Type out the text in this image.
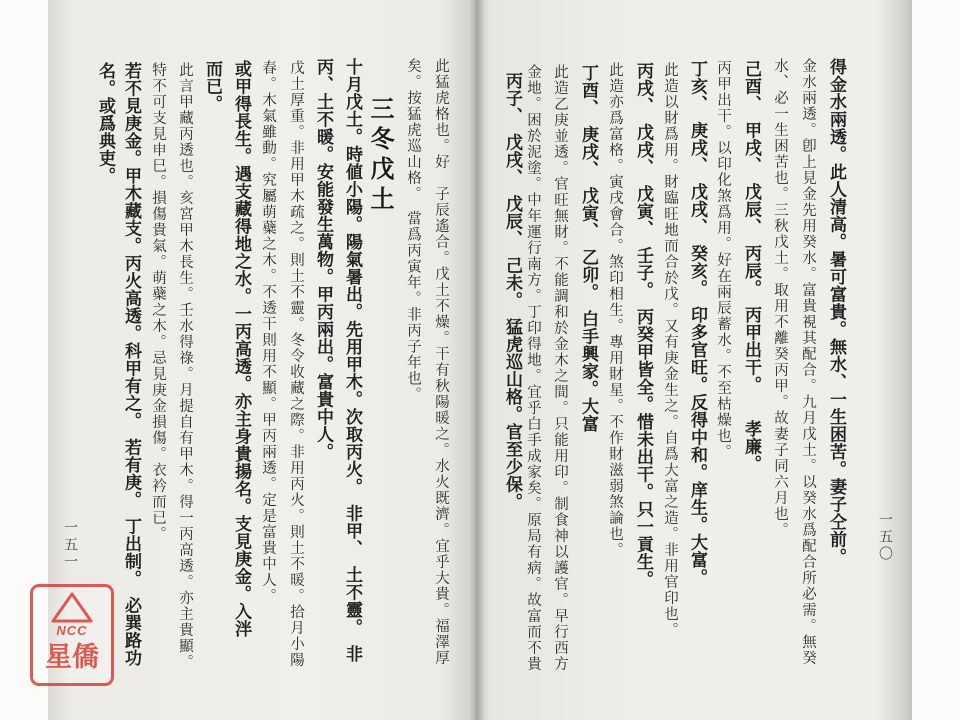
得金水兩透。此人清高。暑可富貴。無水、一生困苦。妻子仝前。
金水兩透。卽上見金先用癸水。富貴視其配合。九月戊土。以癸水爲配合所必需。無癸
水、必一生困苦也。三秋戊土。取用不離癸丙甲。故妻子同六月也。
己酉、　甲戌、　戊辰、　丙辰。　丙甲出干。　　孝廉。
丙甲出干。以印化煞爲用。好在兩辰蓄水。不至枯燥也。
丁亥、　庚戌、　戊戌、　癸亥。　印多官旺。反得中和。庠生。大富。
此造以財爲用。財臨旺地而合於戊。又有庚金生之。自爲大富之造。非用官印也。
丙戌、　戊戌、　戊寅、　壬子。　丙癸甲皆全。惜未出干。只一貢生。
此造亦爲富格。寅戌會合。煞印相生。專用財星。不作財滋弱煞論也。
丁酉、　庚戌、　戊寅、　乙卯。　白手興家。大富
此造乙庚並透。官旺無財。不能調和於金木之間。只能用印。制食神以護官。早行西方
金地。困於泥塗。中年運行南方。丁印得地。宜乎白手成家矣。原局有病。故富而不貴
丙子、　戊戌、　戊辰、　己未。　猛虎巡山格。官至少保。
一五〇
此猛虎格也。好　子辰遙合。戊土不燥。干有秋陽暖之。水火既濟。宜乎大貴。福澤厚
矣。按猛虎巡山格。　當爲丙寅年。非丙子年也。
三冬戊土
十月戊土。時値小陽。陽氣暑出。先用甲木。次取丙火。　非甲、　土不靈。　非
丙、土不暖。安能發生萬物。甲丙兩出。富貴中人。
戊土厚重。非用甲木疏之。則土不靈。冬令收藏之際。非用丙火。則土不暖。拾月小陽
春。木氣雖動。究屬萌蘗之木。不透干則用不顯。甲丙兩透。定是富貴中人。
或甲得長生。遇支藏得地之水。一丙高透。亦主身貴揚名。支見庚金。入泮
而已。
此言甲藏丙透也。亥宮甲木長生。壬水得祿。月提自有甲木。得一丙高透。亦主貴顯。
特不可支見申巳。損傷貴氣。萌蘗之木。忌見庚金損傷。衣衿而已。
若不見庚金。甲木藏支。丙火高透。科甲有之。　若有庚。　丁出制。　必巽路功
名。或爲典吏。
一五一
NCC
星僑
